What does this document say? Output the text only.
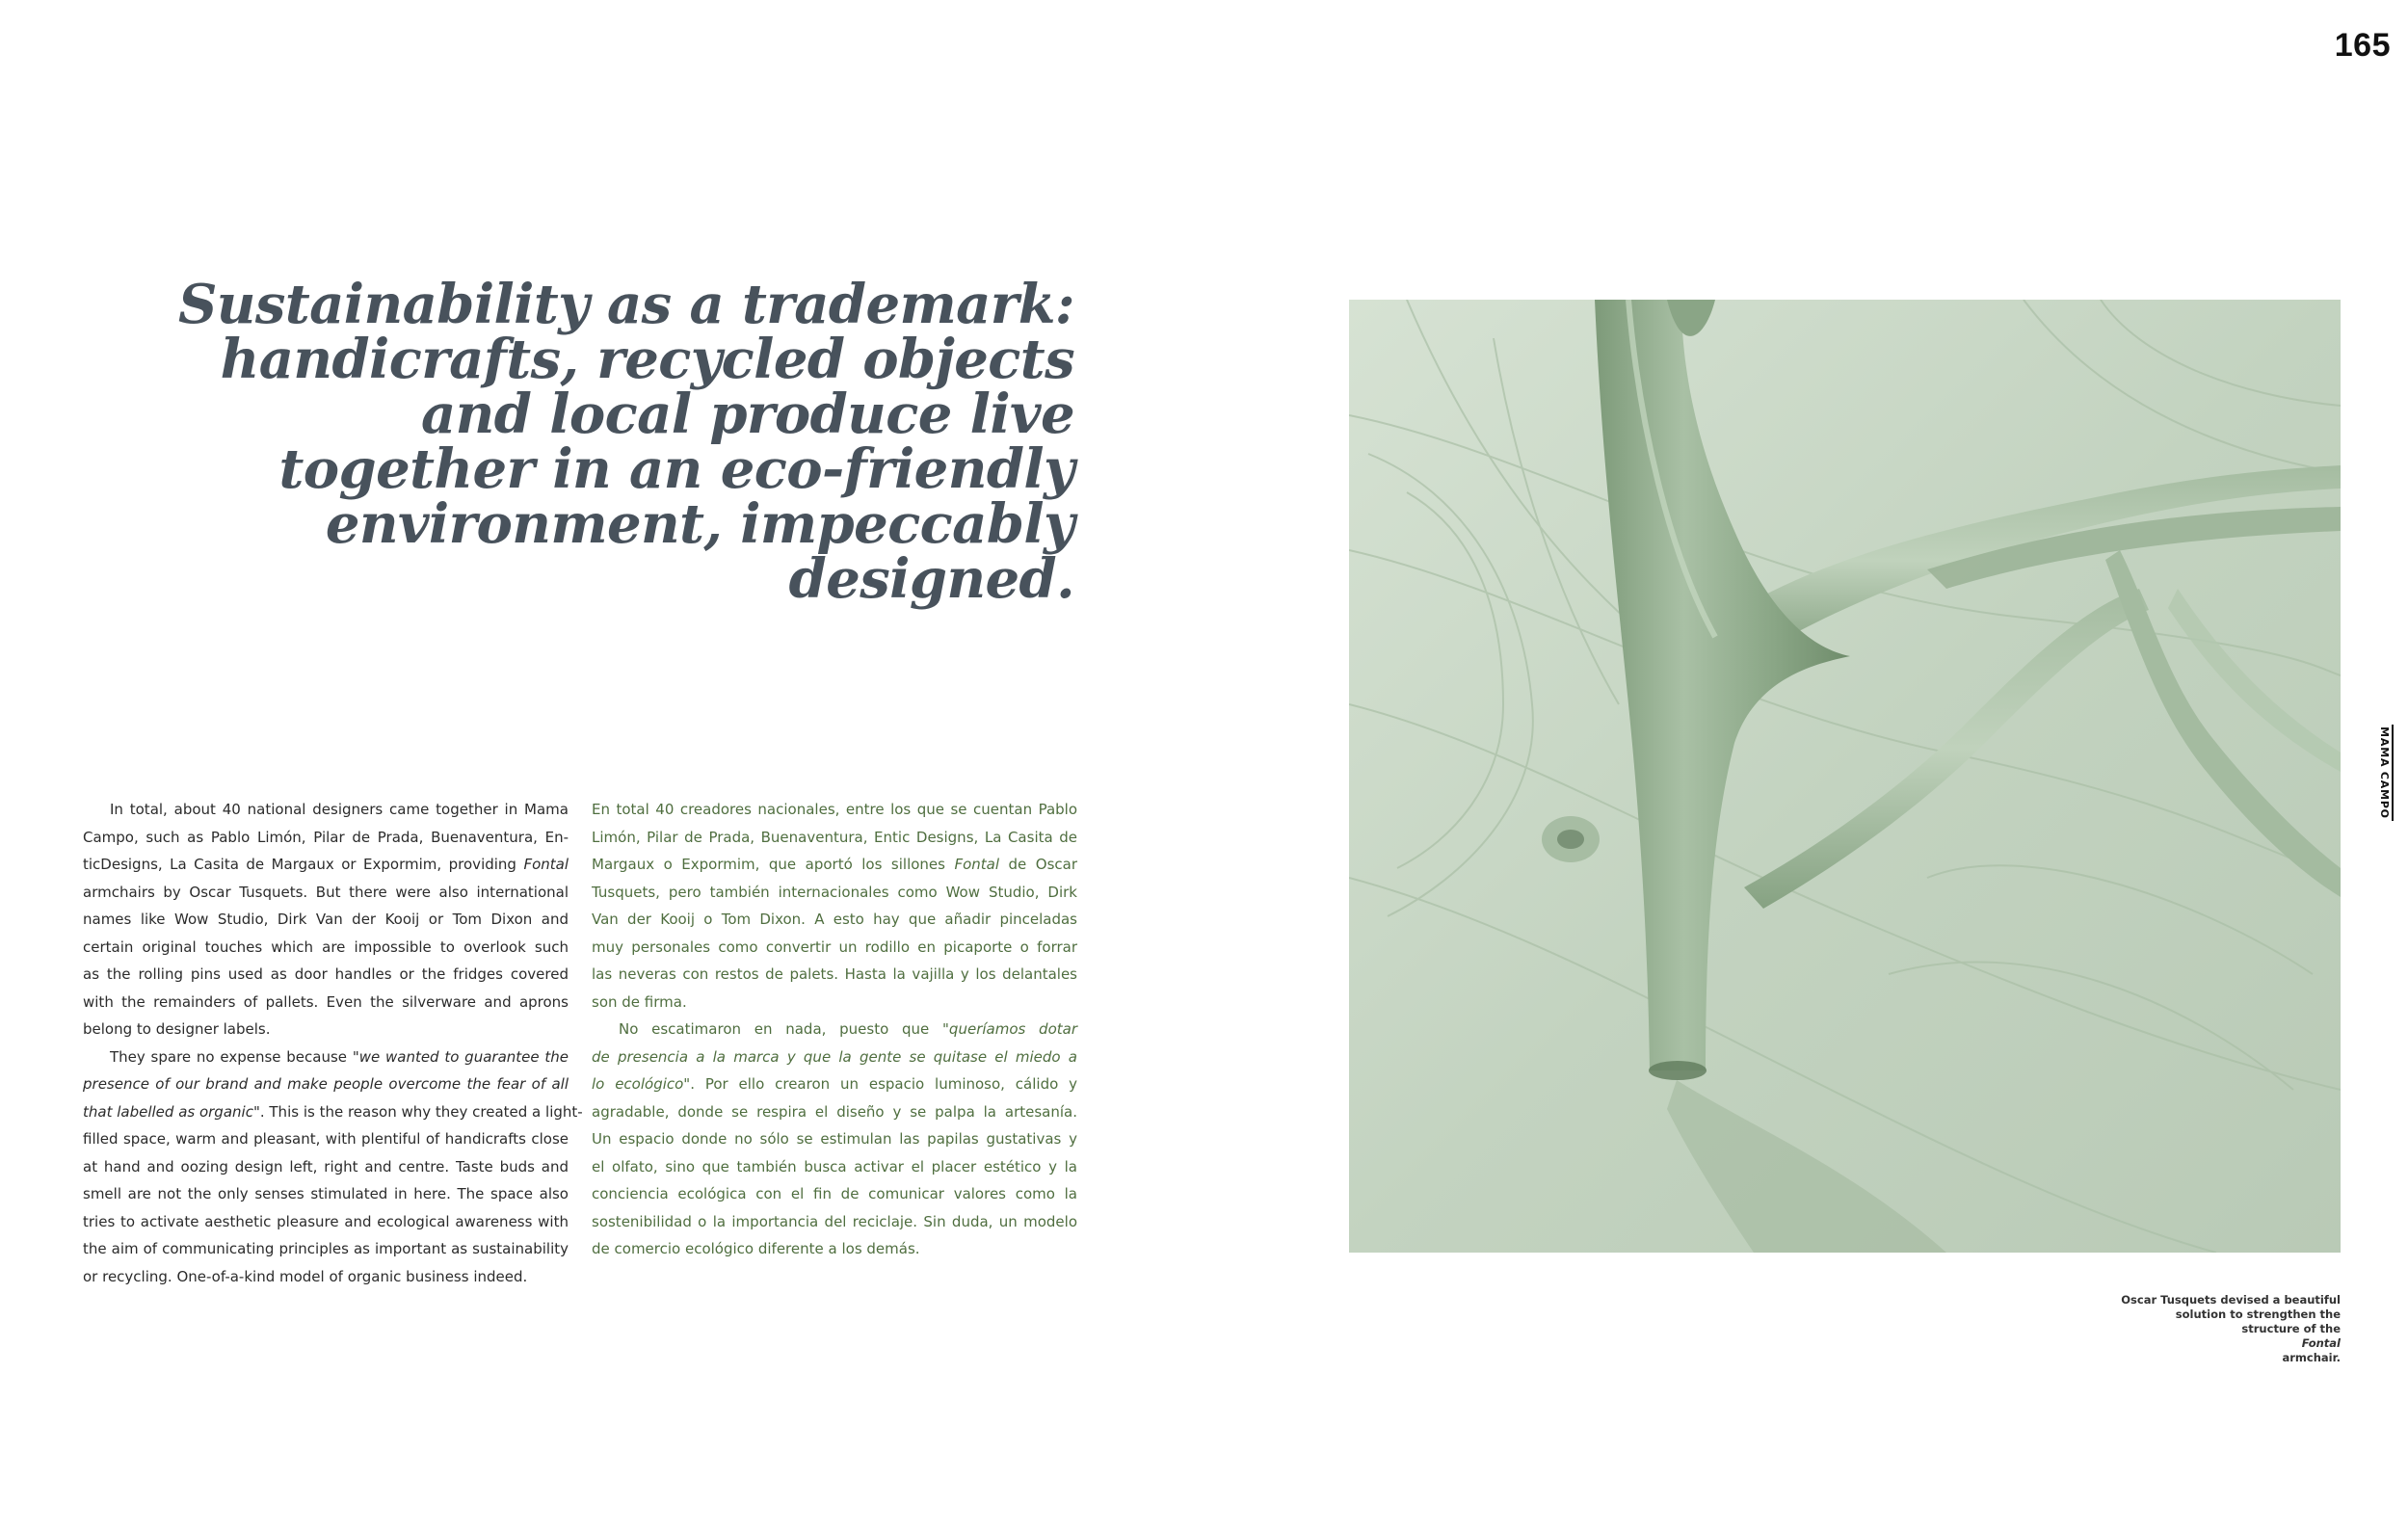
165
Sustainability as a trademark:
handicrafts, recycled objects
and local produce live
together in an eco-friendly
environment, impeccably
designed.
In total, about 40 national designers came together in Mama
Campo, such as Pablo Limón, Pilar de Prada, Buenaventura, En-
ticDesigns, La Casita de Margaux or Expormim, providing Fontal
armchairs by Oscar Tusquets. But there were also international
names like Wow Studio, Dirk Van der Kooij or Tom Dixon and
certain original touches which are impossible to overlook such
as the rolling pins used as door handles or the fridges covered
with the remainders of pallets. Even the silverware and aprons
belong to designer labels.
They spare no expense because "we wanted to guarantee the
presence of our brand and make people overcome the fear of all
that labelled as organic". This is the reason why they created a light-
filled space, warm and pleasant, with plentiful of handicrafts close
at hand and oozing design left, right and centre. Taste buds and
smell are not the only senses stimulated in here. The space also
tries to activate aesthetic pleasure and ecological awareness with
the aim of communicating principles as important as sustainability
or recycling. One-of-a-kind model of organic business indeed.
En total 40 creadores nacionales, entre los que se cuentan Pablo
Limón, Pilar de Prada, Buenaventura, Entic Designs, La Casita de
Margaux o Expormim, que aportó los sillones Fontal de Oscar
Tusquets, pero también internacionales como Wow Studio, Dirk
Van der Kooij o Tom Dixon. A esto hay que añadir pinceladas
muy personales como convertir un rodillo en picaporte o forrar
las neveras con restos de palets. Hasta la vajilla y los delantales
son de firma.
No escatimaron en nada, puesto que "queríamos dotar
de presencia a la marca y que la gente se quitase el miedo a
lo ecológico". Por ello crearon un espacio luminoso, cálido y
agradable, donde se respira el diseño y se palpa la artesanía.
Un espacio donde no sólo se estimulan las papilas gustativas y
el olfato, sino que también busca activar el placer estético y la
conciencia ecológica con el fin de comunicar valores como la
sostenibilidad o la importancia del reciclaje. Sin duda, un modelo
de comercio ecológico diferente a los demás.
Oscar Tusquets devised a beautiful
solution to strengthen the
structure of the
Fontal
armchair.
MAMA CAMPO
